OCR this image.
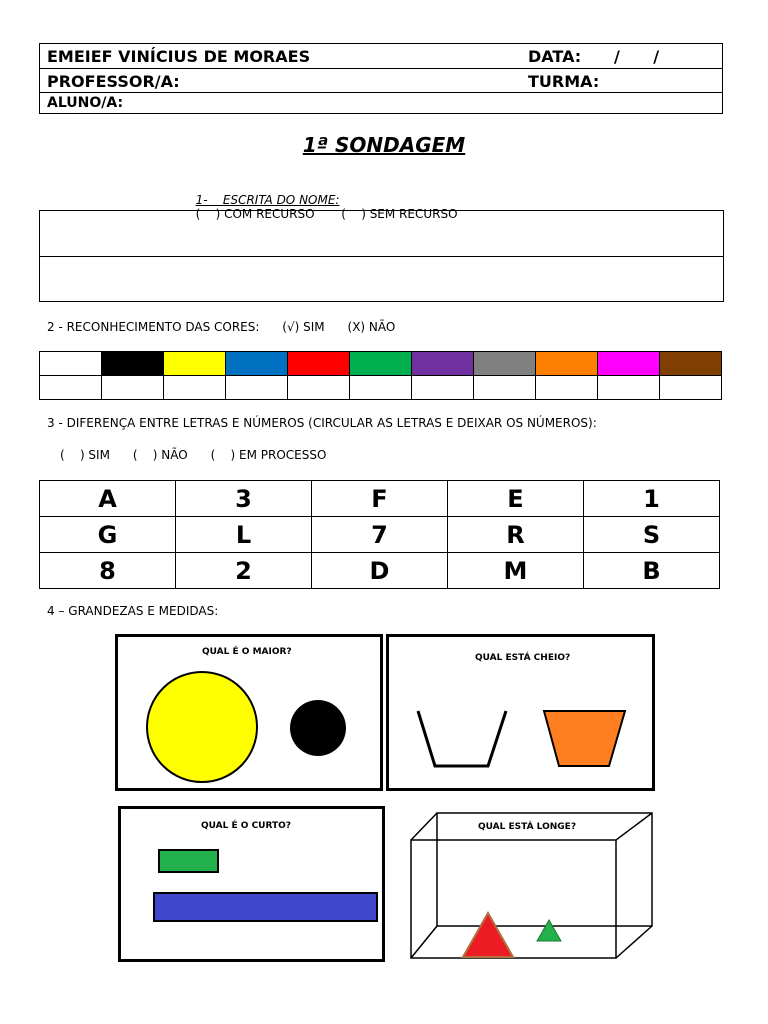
EMEIEF VINÍCIUS DE MORAES	DATA: /      /
PROFESSOR/A:	TURMA:
ALUNO/A:
1ª SONDAGEM

1-    ESCRITA DO NOME:
(    ) COM RECURSO       (    ) SEM RECURSO

2 - RECONHECIMENTO DAS CORES:      (√) SIM      (X) NÃO

3 - DIFERENÇA ENTRE LETRAS E NÚMEROS (CIRCULAR AS LETRAS E DEIXAR OS NÚMEROS):
(    ) SIM      (    ) NÃO      (    ) EM PROCESSO
A	3	F	E	1
G	L	7	R	S
8	2	D	M	B
4 – GRANDEZAS E MEDIDAS:
QUAL É O MAIOR?
QUAL ESTÁ CHEIO?
QUAL É O CURTO?	QUAL ESTÁ LONGE?
